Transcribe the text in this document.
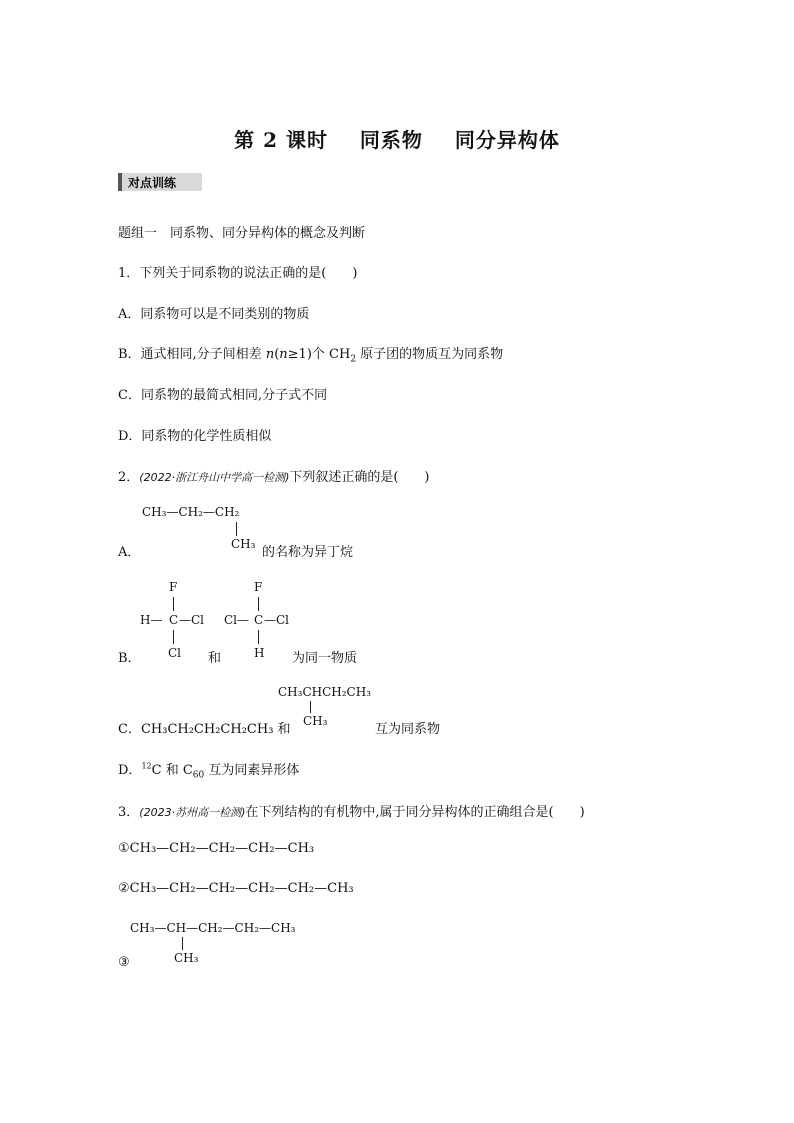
第 2 课时 同系物 同分异构体
对点训练

题组一　同系物、同分异构体的概念及判断

1．下列关于同系物的说法正确的是(　　)

A．同系物可以是不同类别的物质

B．通式相同,分子间相差 n(n≥1)个 $CH_2$ 原子团的物质互为同系物

C．同系物的最简式相同,分子式不同

D．同系物的化学性质相似

2．(2022·浙江舟山中学高一检测)下列叙述正确的是(　　)

CH₃—CH₂—CH₂
CH₃

A．	的名称为异丁烷

F
H— C —Cl
Cl
F
Cl— C —Cl
H

B．	和	为同一物质

CH₃CHCH₂CH₃
CH₃

C．CH₃CH₂CH₂CH₂CH₃ 和	互为同系物

D．$^{12}$C 和 $C_{60}$ 互为同素异形体

3．(2023·苏州高一检测)在下列结构的有机物中,属于同分异构体的正确组合是(　　)

①CH₃—CH₂—CH₂—CH₂—CH₃

②CH₃—CH₂—CH₂—CH₂—CH₂—CH₃

CH₃—CH—CH₂—CH₂—CH₃
CH₃

③
